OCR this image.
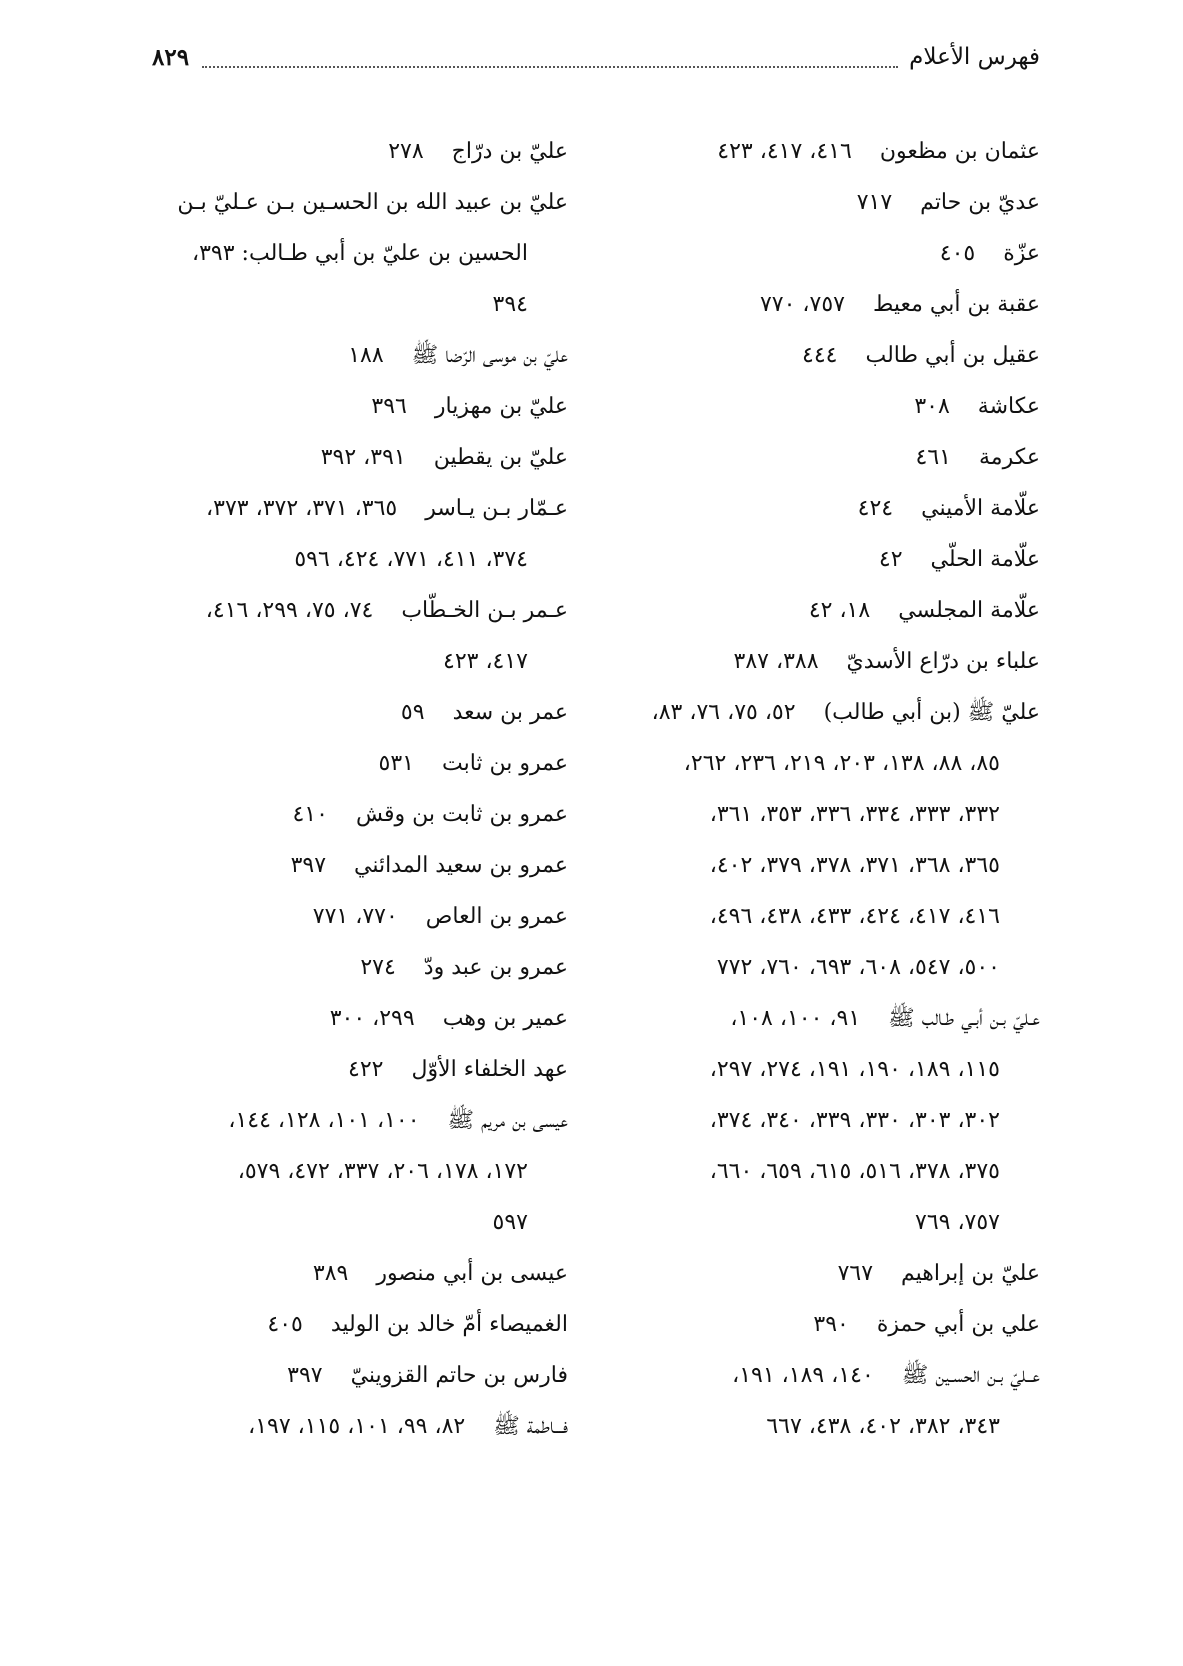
فهرس الأعلام
٨٢٩
عثمان بن مظعون٤١٦، ٤١٧، ٤٢٣
عديّ بن حاتم٧١٧
عزّة٤٠٥
عقبة بن أبي معيط٧٥٧، ٧٧٠
عقيل بن أبي طالب٤٤٤
عكاشة٣٠٨
عكرمة٤٦١
علّامة الأميني٤٢٤
علّامة الحلّي٤٢
علّامة المجلسي١٨، ٤٢
علباء بن درّاع الأسديّ٣٨٨، ٣٨٧
عليّ ﷺ (بن أبي طالب)٥٢، ٧٥، ٧٦، ٨٣،
٨٥، ٨٨، ١٣٨، ٢٠٣، ٢١٩، ٢٣٦، ٢٦٢،
٣٣٢، ٣٣٣، ٣٣٤، ٣٣٦، ٣٥٣، ٣٦١،
٣٦٥، ٣٦٨، ٣٧١، ٣٧٨، ٣٧٩، ٤٠٢،
٤١٦، ٤١٧، ٤٢٤، ٤٣٣، ٤٣٨، ٤٩٦،
٥٠٠، ٥٤٧، ٦٠٨، ٦٩٣، ٧٦٠، ٧٧٢
عـليّ بـن أبـي طـالب ﷺ٩١، ١٠٠، ١٠٨،
١١٥، ١٨٩، ١٩٠، ١٩١، ٢٧٤، ٢٩٧،
٣٠٢، ٣٠٣، ٣٣٠، ٣٣٩، ٣٤٠، ٣٧٤،
٣٧٥، ٣٧٨، ٥١٦، ٦١٥، ٦٥٩، ٦٦٠،
٧٥٧، ٧٦٩
عليّ بن إبراهيم٧٦٧
علي بن أبي حمزة٣٩٠
عــليّ بـن الحسـين ﷺ١٤٠، ١٨٩، ١٩١،
٣٤٣، ٣٨٢، ٤٠٢، ٤٣٨، ٦٦٧
عليّ بن درّاج٢٧٨
عليّ بن عبيد الله بن الحسـين بـن عـليّ بـن
الحسين بن عليّ بن أبي طـالب: ٣٩٣،
٣٩٤
عليّ بن موسى الرّضا ﷺ١٨٨
عليّ بن مهزيار٣٩٦
عليّ بن يقطين٣٩١، ٣٩٢
عـمّار بـن يـاسر٣٦٥، ٣٧١، ٣٧٢، ٣٧٣،
٣٧٤، ٤١١، ٧٧١، ٤٢٤، ٥٩٦
عـمر بـن الخـطّاب٧٤، ٧٥، ٢٩٩، ٤١٦،
٤١٧، ٤٢٣
عمر بن سعد٥٩
عمرو بن ثابت٥٣١
عمرو بن ثابت بن وقش٤١٠
عمرو بن سعيد المدائني٣٩٧
عمرو بن العاص٧٧٠، ٧٧١
عمرو بن عبد ودّ٢٧٤
عمير بن وهب٢٩٩، ٣٠٠
عهد الخلفاء الأوّل٤٢٢
عيسى بن مريم ﷺ١٠٠، ١٠١، ١٢٨، ١٤٤،
١٧٢، ١٧٨، ٢٠٦، ٣٣٧، ٤٧٢، ٥٧٩،
٥٩٧
عيسى بن أبي منصور٣٨٩
الغميصاء أمّ خالد بن الوليد٤٠٥
فارس بن حاتم القزوينيّ٣٩٧
فـــاطمة ﷺ٨٢، ٩٩، ١٠١، ١١٥، ١٩٧،
